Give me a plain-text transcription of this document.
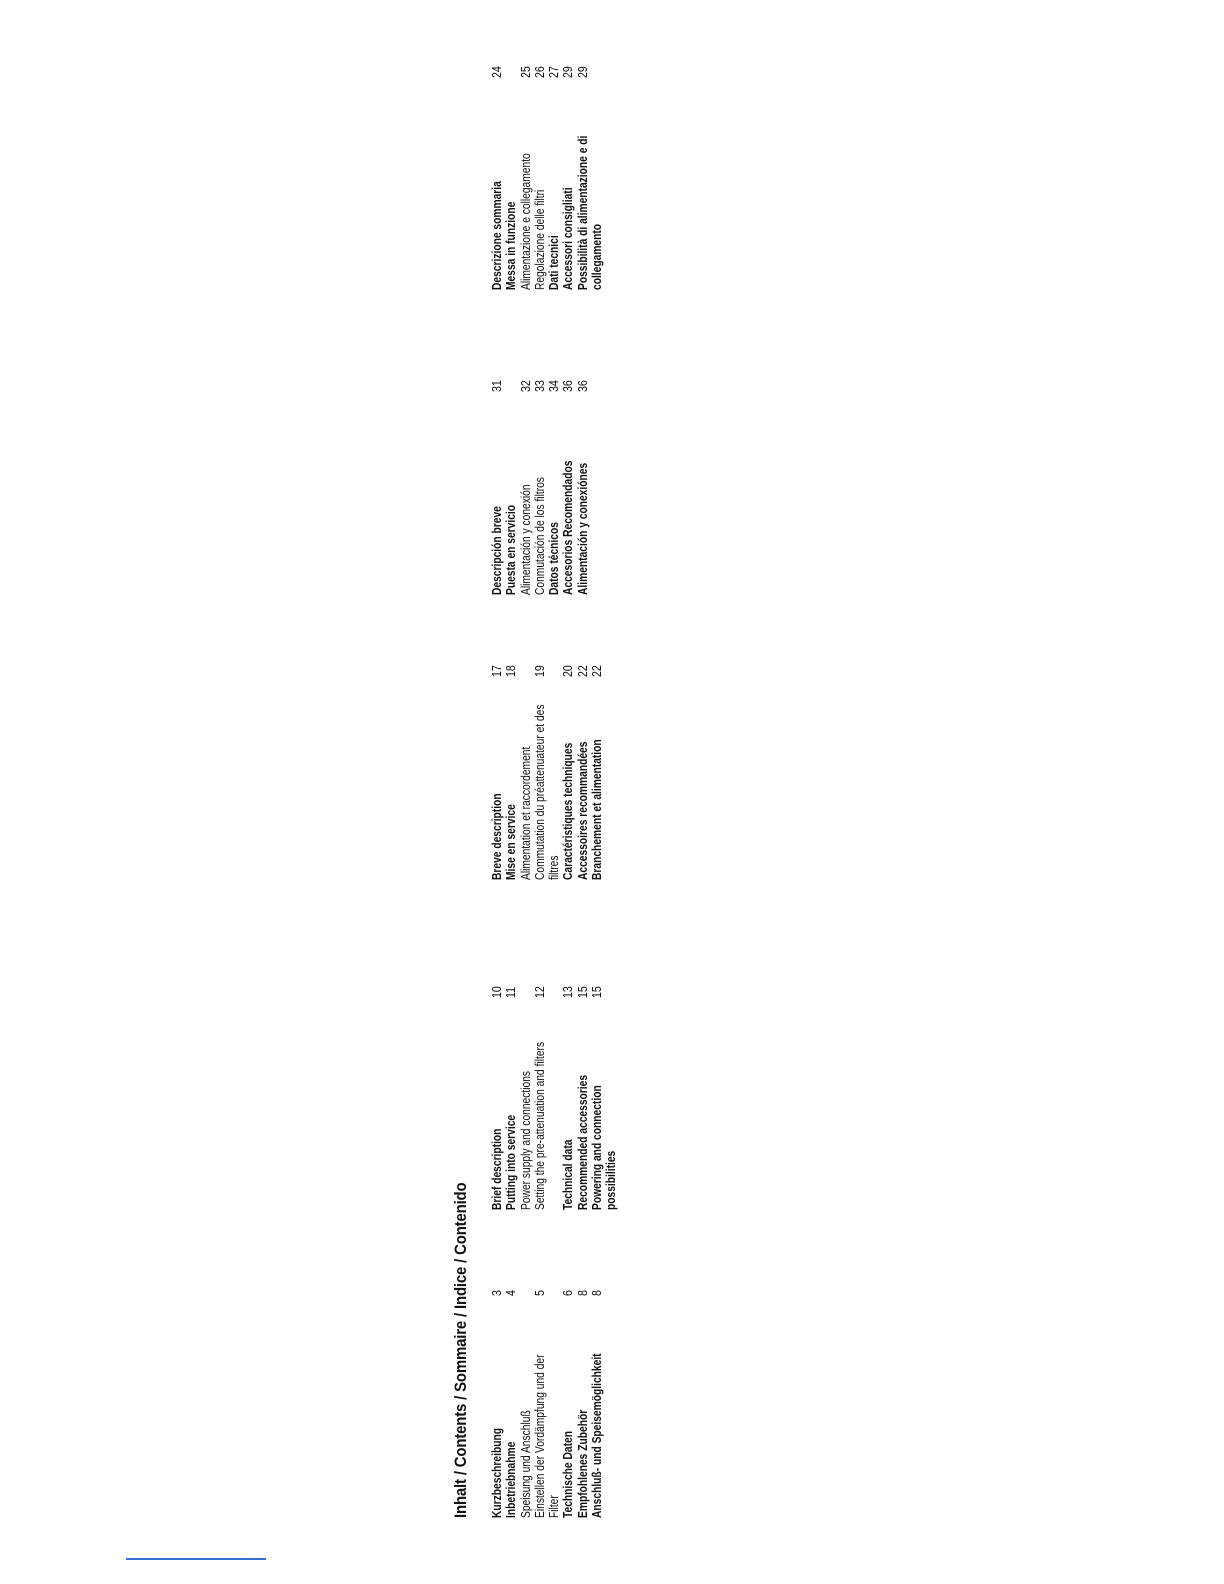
Inhalt / Contents / Sommaire / Indice / Contenido Kurzbeschreibung
3
Inbetriebnahme
4
Speisung und Anschluß Einstellen der Vordämpfung und der Filter
5
Technische Daten
6
Empfohlenes Zubehör
8
Anschluß- und Speisemöglichkeit
8
Brief description
10
Putting into service
11
Power supply and connections Setting the pre-attenuation and filters
12
Technical data
13
Recommended accessories
15
Powering and connection possibilities
15
Breve description
17
Mise en service
18
Alimentation et raccordement Commutation du préattenuateur et des filtres
19
Caractéristiques techniques
20
Accessoires recommandées
22
Branchement et alimentation
22
Descripción breve
31
Puesta en servicio Alimentación y conexión
32
Conmutación de los filtros
33
Datos técnicos
34
Accesorios Recomendados
36
Alimentación y conexiónes
36
Descrizione sommaria
24
Messa in funzione Alimentazione e collegamento
25
Regolazione delle filtri
26
Dati tecnici
27
Accessori consigliati
29
Possibilità di alimentazione e di collegamento
29
